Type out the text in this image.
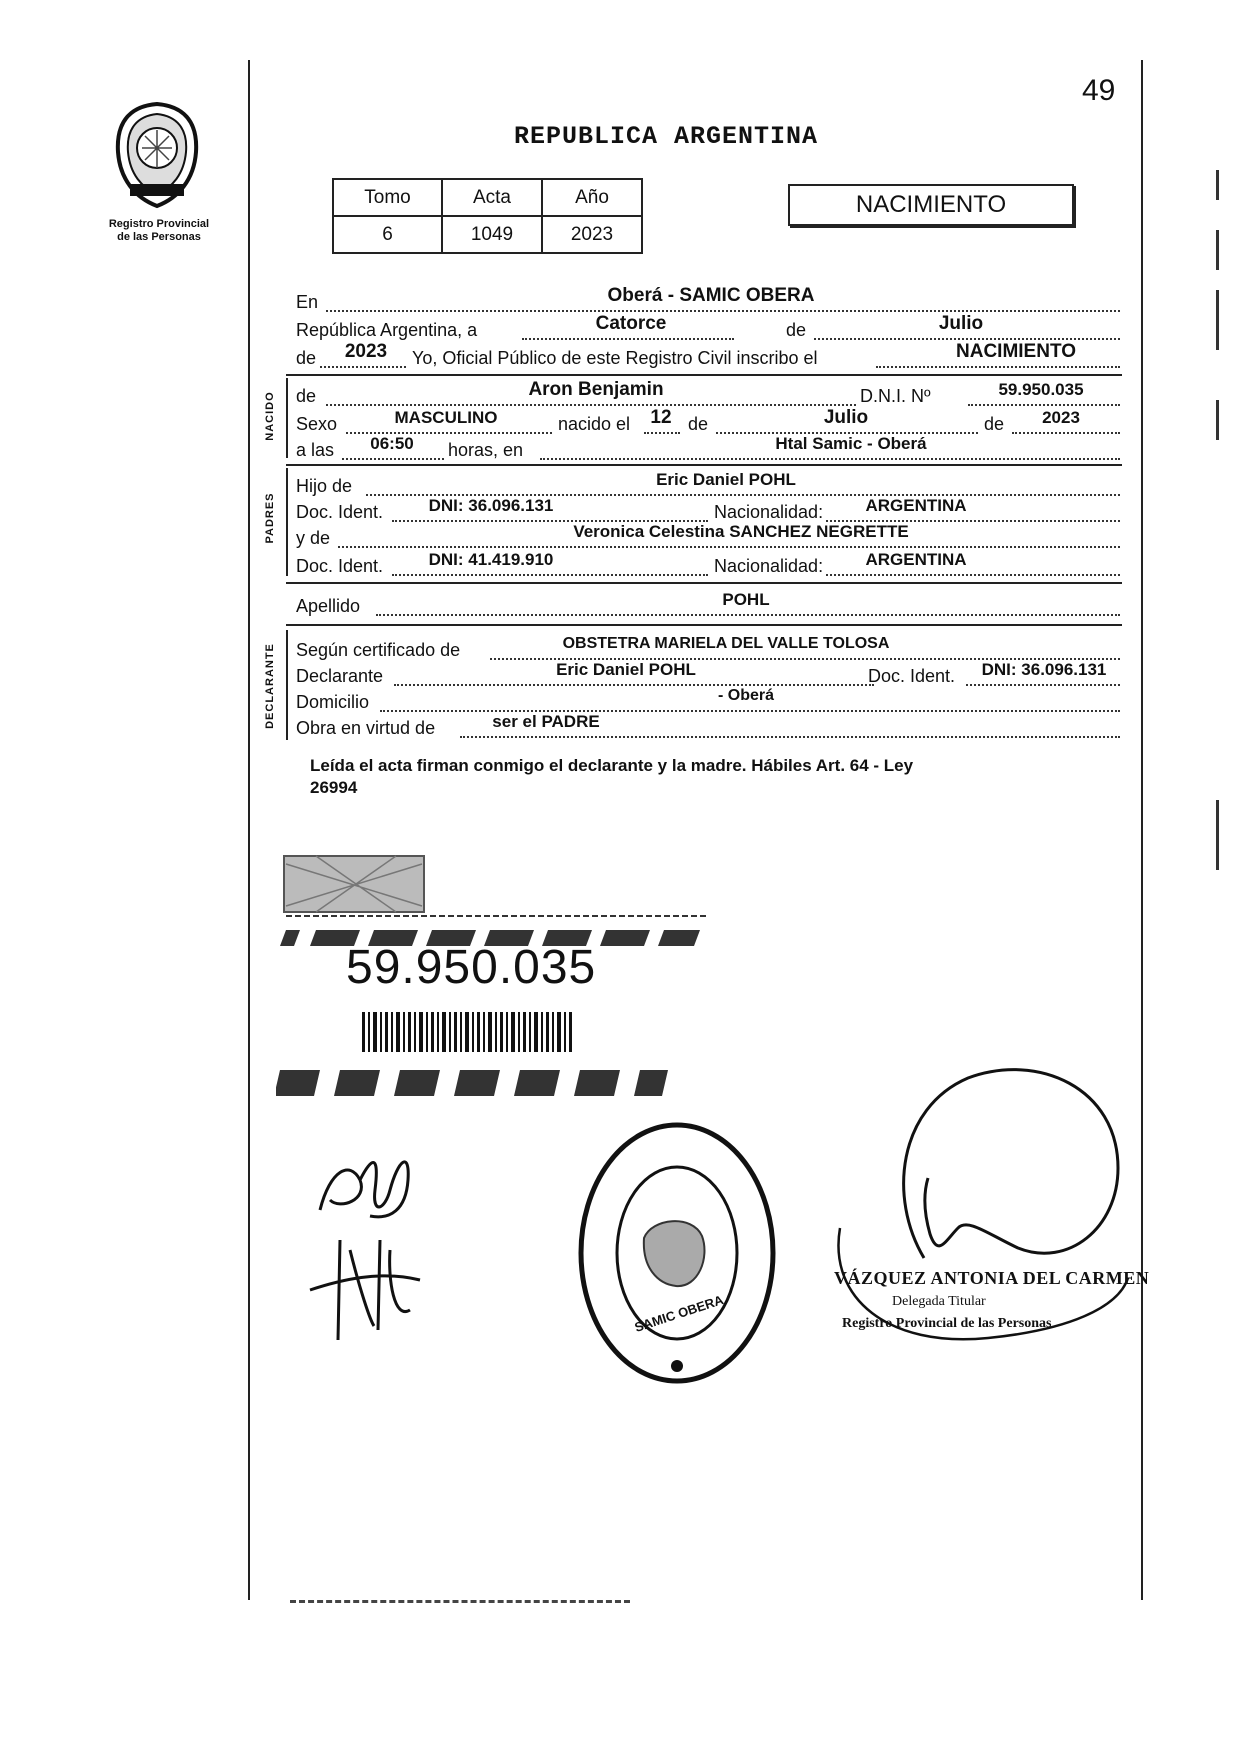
49
Registro Provincial
de las Personas
REPUBLICA ARGENTINA
Tomo	Acta	Año
6	1049	2023
NACIMIENTO
En	Oberá - SAMIC OBERA
República Argentina, a	Catorce	de	Julio
de	2023	Yo, Oficial Público de este Registro Civil inscribo el	NACIMIENTO
NACIDO de	Aron Benjamin	D.N.I. Nº	59.950.035
Sexo	MASCULINO	nacido el 12 de	Julio	de	2023
a las	06:50	horas, en	Htal Samic - Oberá
PADRES
Hijo de	Eric Daniel POHL
Doc. Ident.	DNI: 36.096.131	Nacionalidad:	ARGENTINA
y de	Veronica Celestina SANCHEZ NEGRETTE
Doc. Ident.	DNI: 41.419.910	Nacionalidad:	ARGENTINA
Apellido	POHL
DECLARANTE Según certificado de	OBSTETRA MARIELA DEL VALLE TOLOSA
Declarante	Eric Daniel POHL	Doc. Ident.	DNI: 36.096.131
Domicilio	- Oberá
Obra en virtud de	ser el PADRE
Leída el acta firman conmigo el declarante y la madre. Hábiles Art. 64 - Ley
26994
59.950.035
SAMIC OBERA
VÁZQUEZ ANTONIA DEL CARMEN
Delegada Titular
Registro Provincial de las Personas
